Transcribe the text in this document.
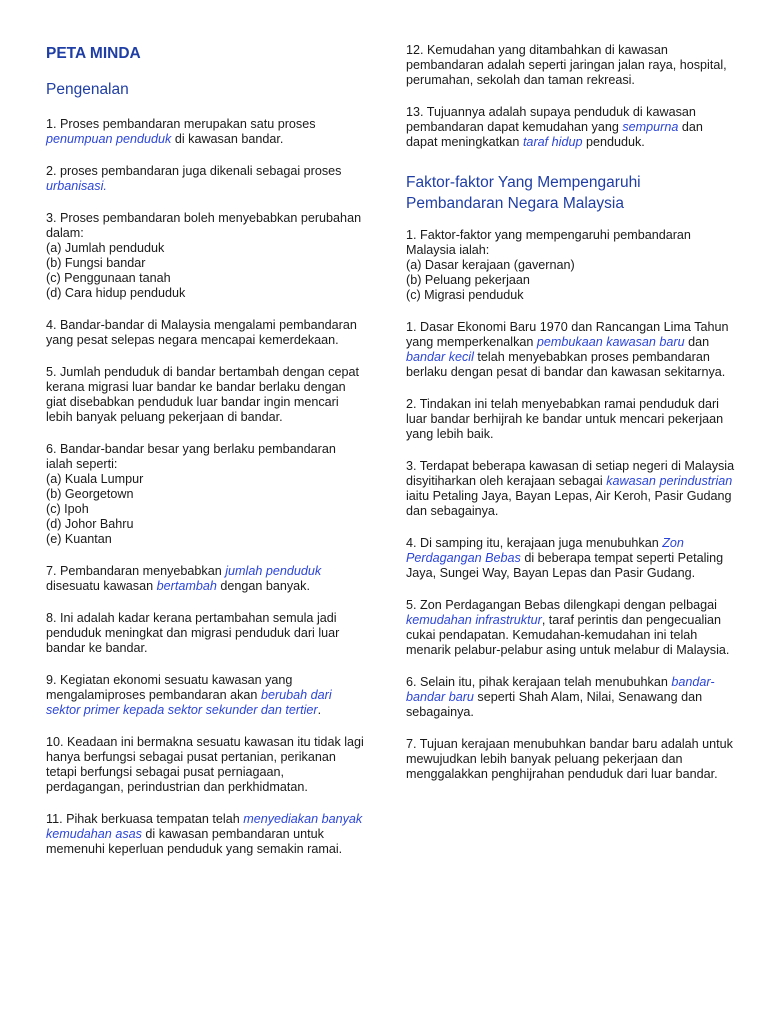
PETA MINDA
Pengenalan
1. Proses pembandaran merupakan satu proses penumpuan penduduk di kawasan bandar.
2. proses pembandaran juga dikenali sebagai proses urbanisasi.
3. Proses pembandaran boleh menyebabkan perubahan dalam:
(a) Jumlah penduduk
(b) Fungsi bandar
(c) Penggunaan tanah
(d) Cara hidup penduduk
4. Bandar-bandar di Malaysia mengalami pembandaran yang pesat selepas negara mencapai kemerdekaan.
5. Jumlah penduduk di bandar bertambah dengan cepat kerana migrasi luar bandar ke bandar berlaku dengan giat disebabkan penduduk luar bandar ingin mencari lebih banyak peluang pekerjaan di bandar.
6. Bandar-bandar besar yang berlaku pembandaran ialah seperti:
(a) Kuala Lumpur
(b) Georgetown
(c) Ipoh
(d) Johor Bahru
(e) Kuantan
7. Pembandaran menyebabkan jumlah penduduk disesuatu kawasan bertambah dengan banyak.
8. Ini adalah kadar kerana pertambahan semula jadi penduduk meningkat dan migrasi penduduk dari luar bandar ke bandar.
9. Kegiatan ekonomi sesuatu kawasan yang mengalamiproses pembandaran akan berubah dari sektor primer kepada sektor sekunder dan tertier.
10. Keadaan ini bermakna sesuatu kawasan itu tidak lagi hanya berfungsi sebagai pusat pertanian, perikanan tetapi berfungsi sebagai pusat perniagaan, perdagangan, perindustrian dan perkhidmatan.
11. Pihak berkuasa tempatan telah menyediakan banyak kemudahan asas di kawasan pembandaran untuk memenuhi keperluan penduduk yang semakin ramai.
12. Kemudahan yang ditambahkan di kawasan pembandaran adalah seperti jaringan jalan raya, hospital, perumahan, sekolah dan taman rekreasi.
13. Tujuannya adalah supaya penduduk di kawasan pembandaran dapat kemudahan yang sempurna dan dapat meningkatkan taraf hidup penduduk.
Faktor-faktor Yang Mempengaruhi Pembandaran Negara Malaysia
1. Faktor-faktor yang mempengaruhi pembandaran Malaysia ialah:
(a) Dasar kerajaan (gavernan)
(b) Peluang pekerjaan
(c) Migrasi penduduk
1. Dasar Ekonomi Baru 1970 dan Rancangan Lima Tahun yang memperkenalkan pembukaan kawasan baru dan bandar kecil telah menyebabkan proses pembandaran berlaku dengan pesat di bandar dan kawasan sekitarnya.
2. Tindakan ini telah menyebabkan ramai penduduk dari luar bandar berhijrah ke bandar untuk mencari pekerjaan yang lebih baik.
3. Terdapat beberapa kawasan di setiap negeri di Malaysia disyitiharkan oleh kerajaan sebagai kawasan perindustrian iaitu Petaling Jaya, Bayan Lepas, Air Keroh, Pasir Gudang dan sebagainya.
4. Di samping itu, kerajaan juga menubuhkan Zon Perdagangan Bebas di beberapa tempat seperti Petaling Jaya, Sungei Way, Bayan Lepas dan Pasir Gudang.
5. Zon Perdagangan Bebas dilengkapi dengan pelbagai kemudahan infrastruktur, taraf perintis dan pengecualian cukai pendapatan. Kemudahan-kemudahan ini telah menarik pelabur-pelabur asing untuk melabur di Malaysia.
6. Selain itu, pihak kerajaan telah menubuhkan bandar-bandar baru seperti Shah Alam, Nilai, Senawang dan sebagainya.
7. Tujuan kerajaan menubuhkan bandar baru adalah untuk mewujudkan lebih banyak peluang pekerjaan dan menggalakkan penghijrahan penduduk dari luar bandar.
